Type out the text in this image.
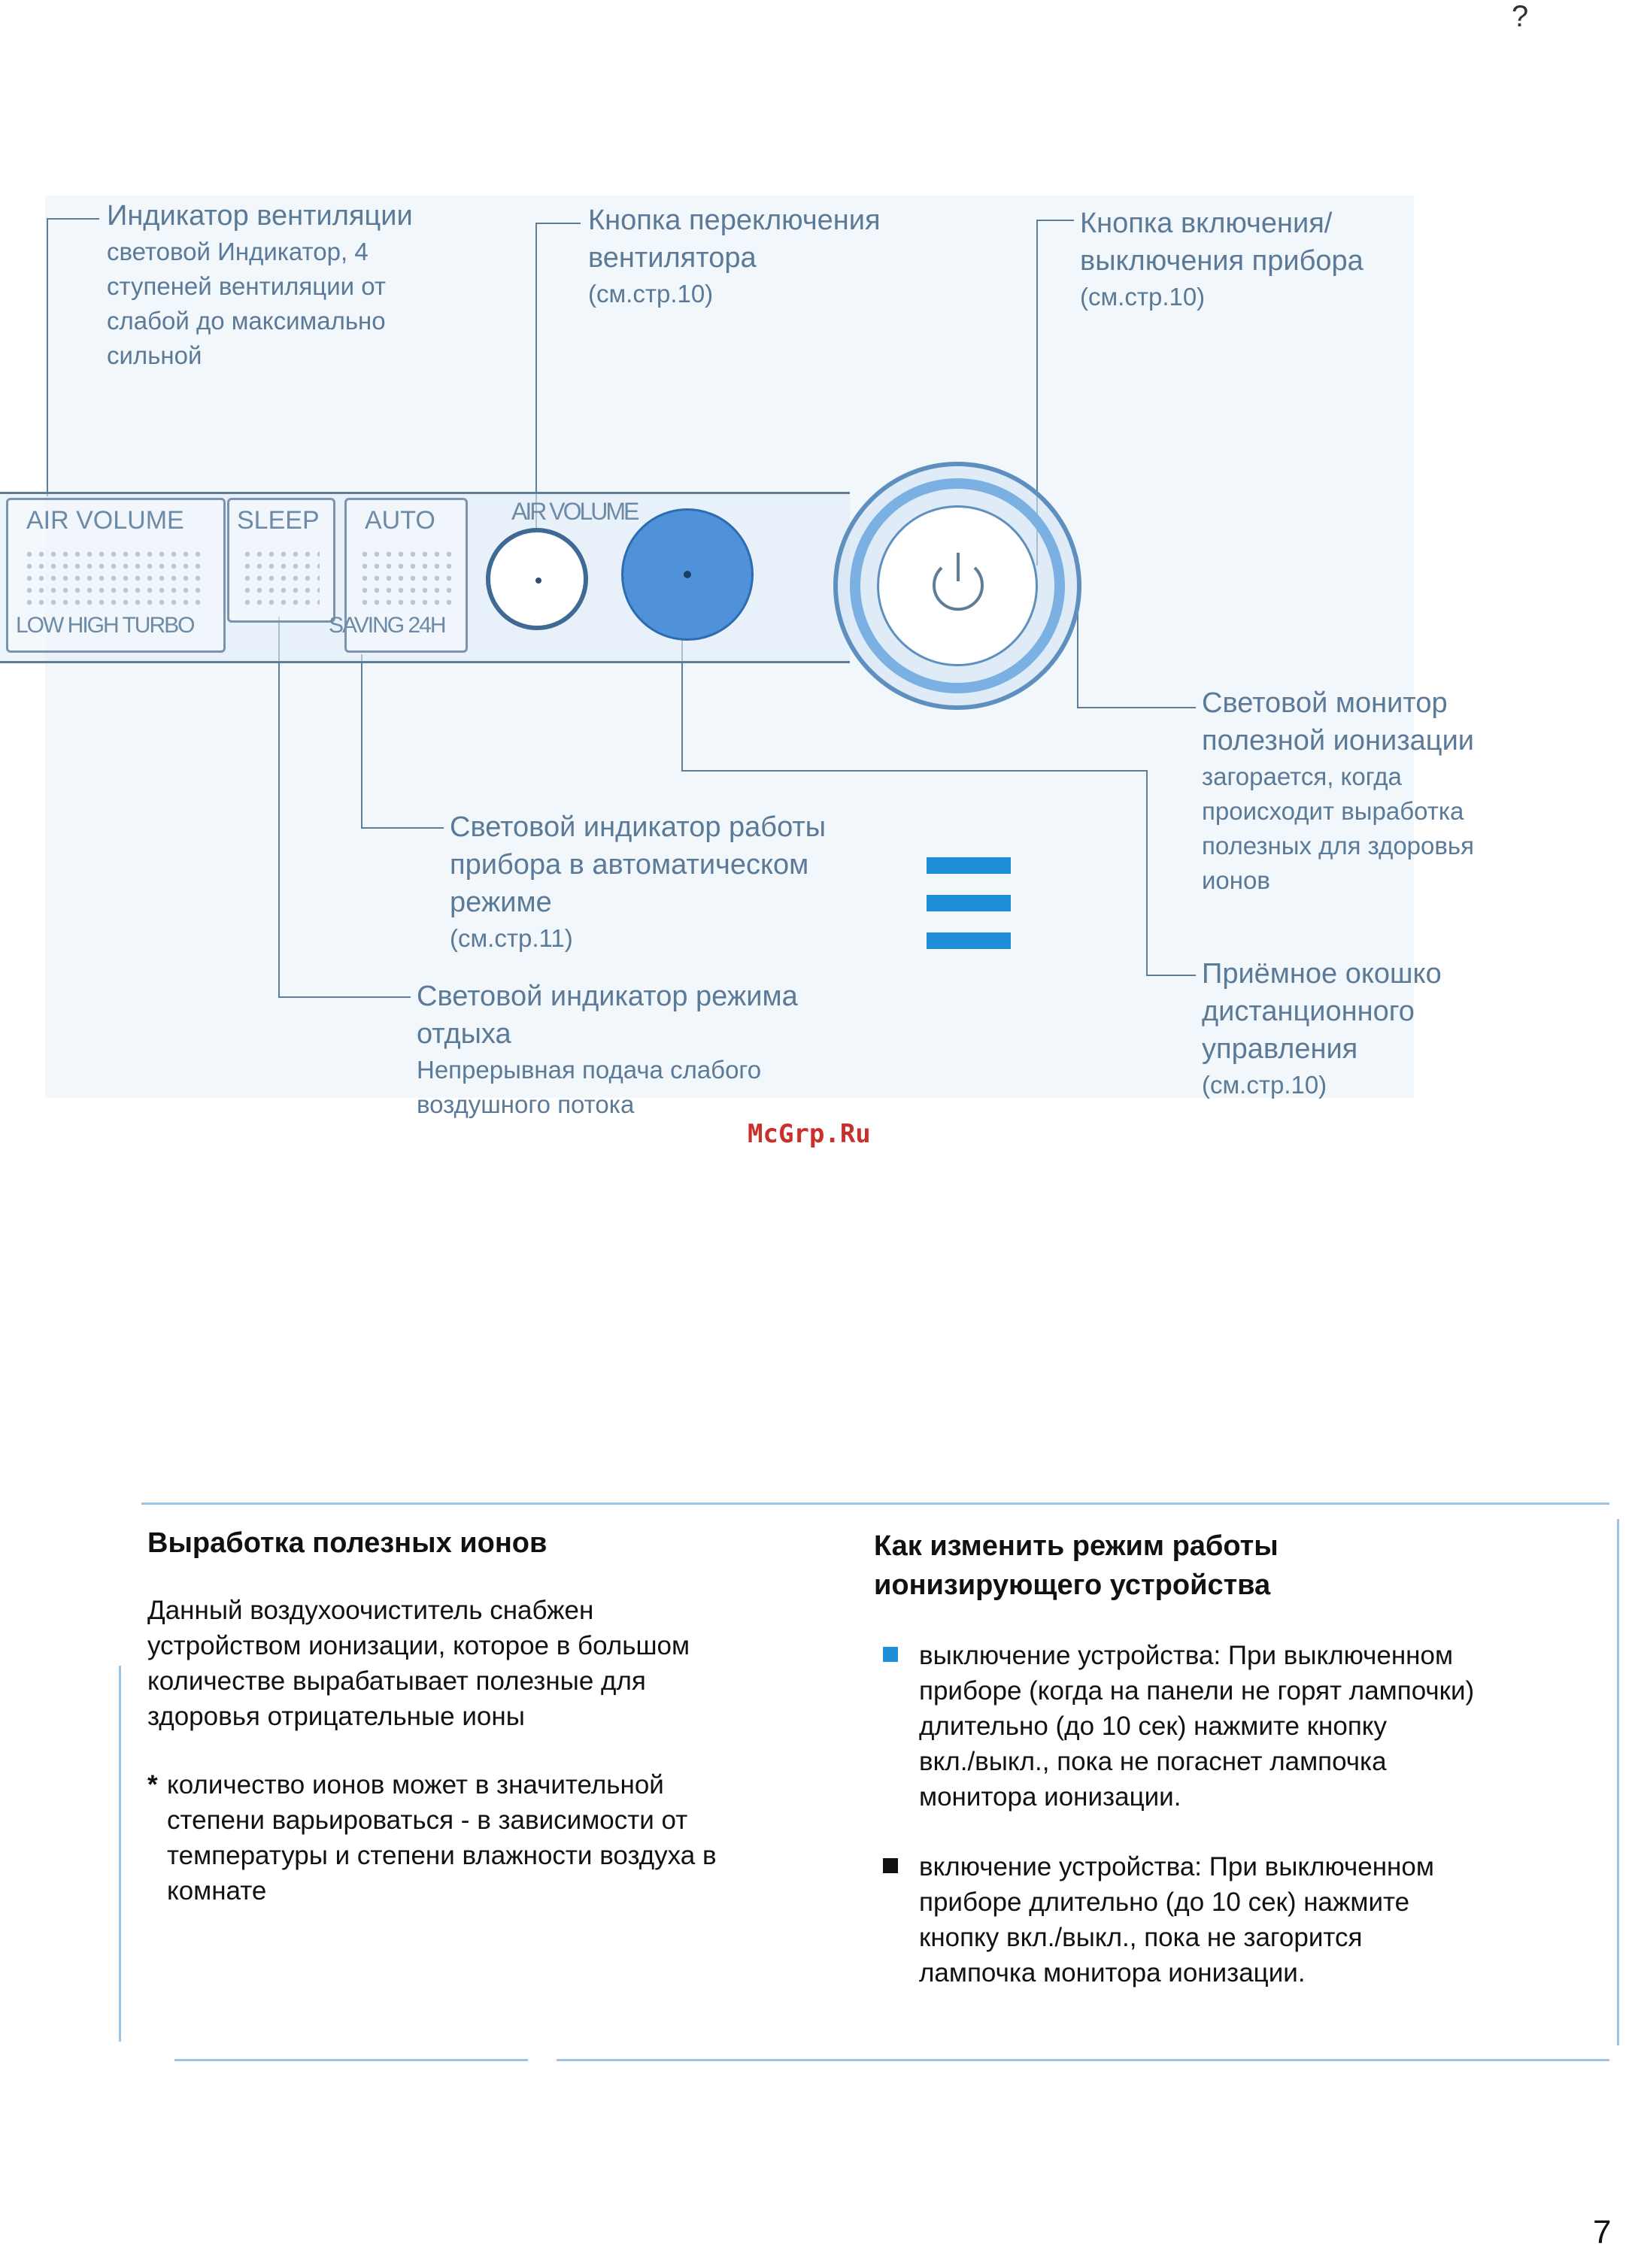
?
Индикатор вентиляции
световой Индикатор, 4
ступеней вентиляции от
слабой до максимально
сильной
Кнопка переключения
вентилятора
(см.стр.10)
Кнопка включения/
выключения прибора
(см.стр.10)
Световой монитор
полезной ионизации
загорается, когда
происходит выработка
полезных для здоровья
ионов
Световой индикатор работы
прибора в автоматическом
режиме
(см.стр.11)
Приёмное окошко
дистанционного
управления
(см.стр.10)
Световой индикатор режима
отдыха
Непрерывная подача слабого
воздушного потока
AIR VOLUME
LOW HIGH TURBO
SLEEP AUTO
SAVING 24H
AIR VOLUME
McGrp.Ru
Выработка полезных ионов
Данный воздухоочиститель снабжен
устройством ионизации, которое в большом
количестве вырабатывает полезные для
здоровья отрицательные ионы
* количество ионов может в значительной
степени варьироваться - в зависимости от
температуры и степени влажности воздуха в
комнате
Как изменить режим работы
ионизирующего устройства
выключение устройства: При выключенном
приборе (когда на панели не горят лампочки)
длительно (до 10 сек) нажмите кнопку
вкл./выкл., пока не погаснет лампочка
монитора ионизации.
включение устройства: При выключенном
приборе длительно (до 10 сек) нажмите
кнопку вкл./выкл., пока не загорится
лампочка монитора ионизации.
7
